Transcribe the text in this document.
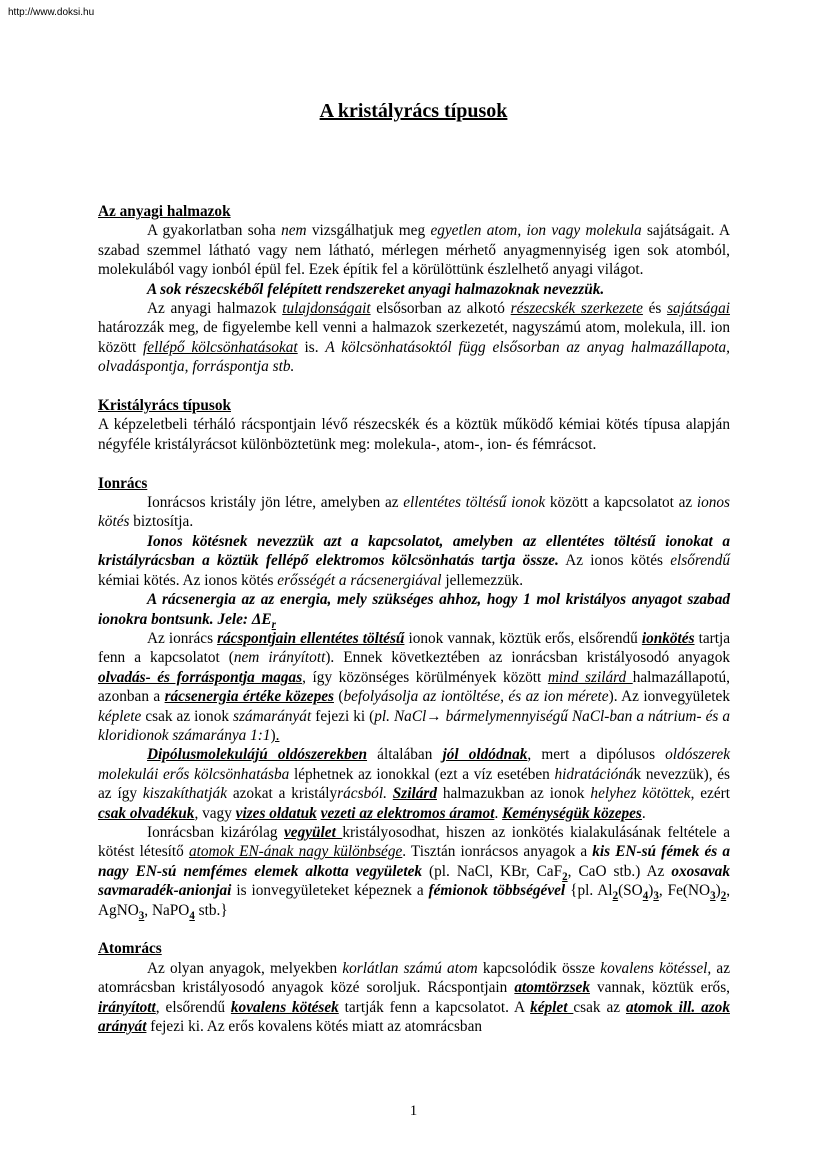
http://www.doksi.hu
A kristályrács típusok

Az anyagi halmazok

A gyakorlatban soha nem vizsgálhatjuk meg egyetlen atom, ion vagy molekula sajátságait. A szabad szemmel látható vagy nem látható, mérlegen mérhető anyagmennyiség igen sok atomból, molekulából vagy ionból épül fel. Ezek építik fel a körülöttünk észlelhető anyagi világot.

A sok részecskéből felépített rendszereket anyagi halmazoknak nevezzük.

Az anyagi halmazok tulajdonságait elsősorban az alkotó részecskék szerkezete és sajátságai határozzák meg, de figyelembe kell venni a halmazok szerkezetét, nagyszámú atom, molekula, ill. ion között fellépő kölcsönhatásokat is. A kölcsönhatásoktól függ elsősorban az anyag halmazállapota, olvadáspontja, forráspontja stb.

Kristályrács típusok

A képzeletbeli térháló rácspontjain lévő részecskék és a köztük működő kémiai kötés típusa alapján négyféle kristályrácsot különböztetünk meg: molekula-, atom-, ion- és fémrácsot.

Ionrács

Ionrácsos kristály jön létre, amelyben az ellentétes töltésű ionok között a kapcsolatot az ionos kötés biztosítja.

Ionos kötésnek nevezzük azt a kapcsolatot, amelyben az ellentétes töltésű ionokat a kristályrácsban a köztük fellépő elektromos kölcsönhatás tartja össze. Az ionos kötés elsőrendű kémiai kötés. Az ionos kötés erősségét a rácsenergiával jellemezzük.

A rácsenergia az az energia, mely szükséges ahhoz, hogy 1 mol kristályos anyagot szabad ionokra bontsunk. Jele: $\Delta E_r$

Az ionrács rácspontjain ellentétes töltésű ionok vannak, köztük erős, elsőrendű ionkötés tartja fenn a kapcsolatot (nem irányított). Ennek következtében az ionrácsban kristályosodó anyagok olvadás- és forráspontja magas, így közönséges körülmények között mind szilárd halmazállapotú, azonban a rácsenergia értéke közepes (befolyásolja az iontöltése, és az ion mérete). Az ionvegyületek képlete csak az ionok számarányát fejezi ki (pl. NaCl→ bármelymennyiségű NaCl-ban a nátrium- és a kloridionok számaránya 1:1).

Dipólusmolekulájú oldószerekben általában jól oldódnak, mert a dipólusos oldószerek molekulái erős kölcsönhatásba léphetnek az ionokkal (ezt a víz esetében hidratációnák nevezzük), és az így kiszakíthatják azokat a kristályrácsból. Szilárd halmazukban az ionok helyhez kötöttek, ezért csak olvadékuk, vagy vizes oldatuk vezeti az elektromos áramot. Keménységük közepes.

Ionrácsban kizárólag vegyület kristályosodhat, hiszen az ionkötés kialakulásának feltétele a kötést létesítő atomok EN-ának nagy különbsége. Tisztán ionrácsos anyagok a kis EN-sú fémek és a nagy EN-sú nemfémes elemek alkotta vegyületek (pl. NaCl, KBr, CaF$_2$, CaO stb.) Az oxosavak savmaradék-anionjai is ionvegyületeket képeznek a fémionok többségével {pl. $Al_2(SO_4)_3$, $Fe(NO_3)_2$, AgNO$_3$, NaPO$_4$ stb.}

Atomrács

Az olyan anyagok, melyekben korlátlan számú atom kapcsolódik össze kovalens kötéssel, az atomrácsban kristályosodó anyagok közé soroljuk. Rácspontjain atomtörzsek vannak, köztük erős, irányított, elsőrendű kovalens kötések tartják fenn a kapcsolatot. A képlet csak az atomok ill. azok arányát fejezi ki. Az erős kovalens kötés miatt az atomrácsban

1
